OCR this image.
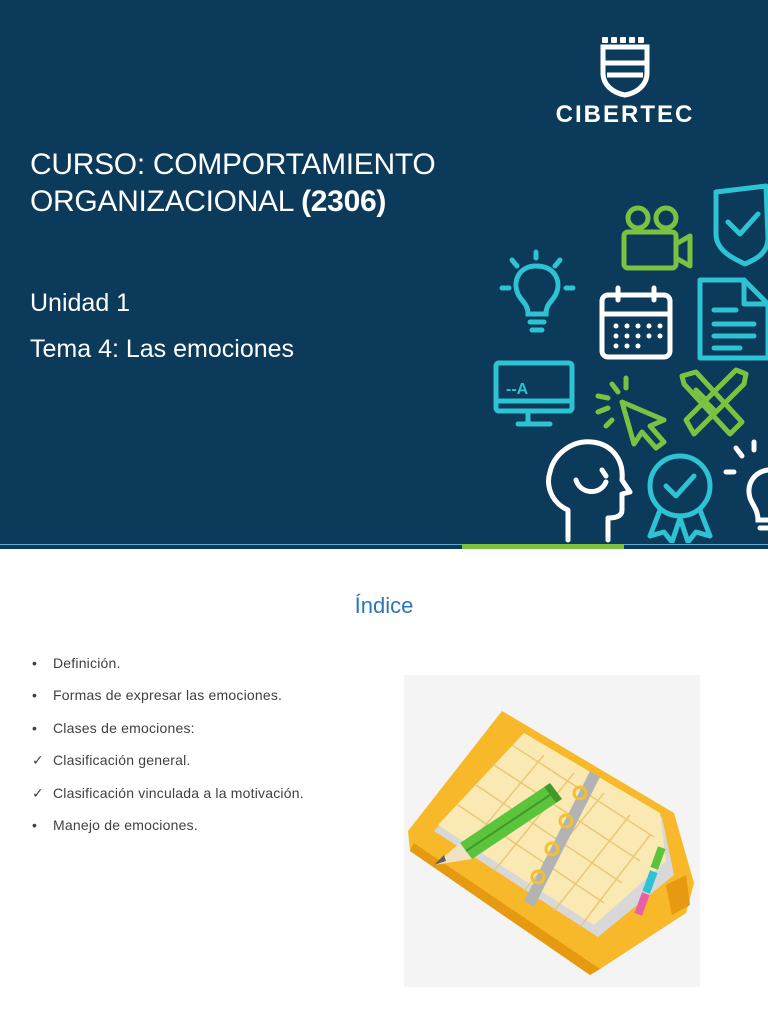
CURSO: COMPORTAMIENTO ORGANIZACIONAL (2306)
Unidad 1
Tema 4: Las emociones
CIBERTEC
--A
Índice
•	Definición.
•	Formas de expresar las emociones.
•	Clases de emociones:
✓ Clasificación general.
✓ Clasificación vinculada a la motivación.
•	Manejo de emociones.
